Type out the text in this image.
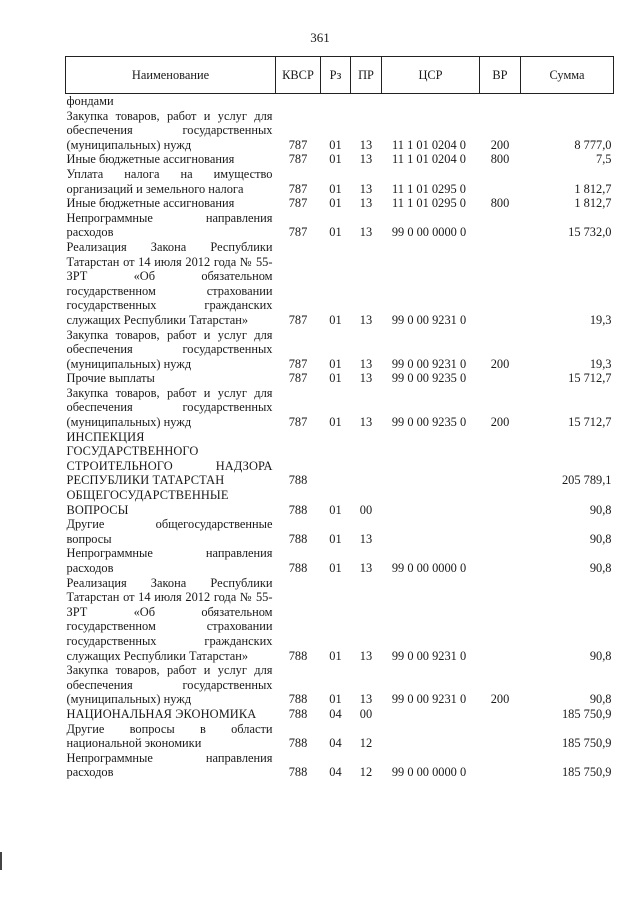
361
Наименование	КВСР	Рз	ПР	ЦСР	ВР	Сумма
фондами						
Закупка товаров, работ и услуг для обеспечения государственных (муниципальных) нужд	787	01	13	11 1 01 0204 0	200	8 777,0
Иные бюджетные ассигнования	787	01	13	11 1 01 0204 0	800	7,5
Уплата налога на имущество организаций и земельного налога	787	01	13	11 1 01 0295 0		1 812,7
Иные бюджетные ассигнования	787	01	13	11 1 01 0295 0	800	1 812,7
Непрограммные направления расходов	787	01	13	99 0 00 0000 0		15 732,0
Реализация Закона Республики Татарстан от 14 июля 2012 года № 55-ЗРТ «Об обязательном государственном страховании государственных гражданских служащих Республики Татарстан»	787	01	13	99 0 00 9231 0		19,3
Закупка товаров, работ и услуг для обеспечения государственных (муниципальных) нужд	787	01	13	99 0 00 9231 0	200	19,3
Прочие выплаты	787	01	13	99 0 00 9235 0		15 712,7
Закупка товаров, работ и услуг для обеспечения государственных (муниципальных) нужд	787	01	13	99 0 00 9235 0	200	15 712,7
ИНСПЕКЦИЯ ГОСУДАРСТВЕННОГО СТРОИТЕЛЬНОГО НАДЗОРА РЕСПУБЛИКИ ТАТАРСТАН	788					205 789,1
ОБЩЕГОСУДАРСТВЕННЫЕ ВОПРОСЫ	788	01	00			90,8
Другие общегосударственные вопросы	788	01	13			90,8
Непрограммные направления расходов	788	01	13	99 0 00 0000 0		90,8
Реализация Закона Республики Татарстан от 14 июля 2012 года № 55-ЗРТ «Об обязательном государственном страховании государственных гражданских служащих Республики Татарстан»	788	01	13	99 0 00 9231 0		90,8
Закупка товаров, работ и услуг для обеспечения государственных (муниципальных) нужд	788	01	13	99 0 00 9231 0	200	90,8
НАЦИОНАЛЬНАЯ ЭКОНОМИКА	788	04	00			185 750,9
Другие вопросы в области национальной экономики	788	04	12			185 750,9
Непрограммные направления расходов	788	04	12	99 0 00 0000 0		185 750,9
